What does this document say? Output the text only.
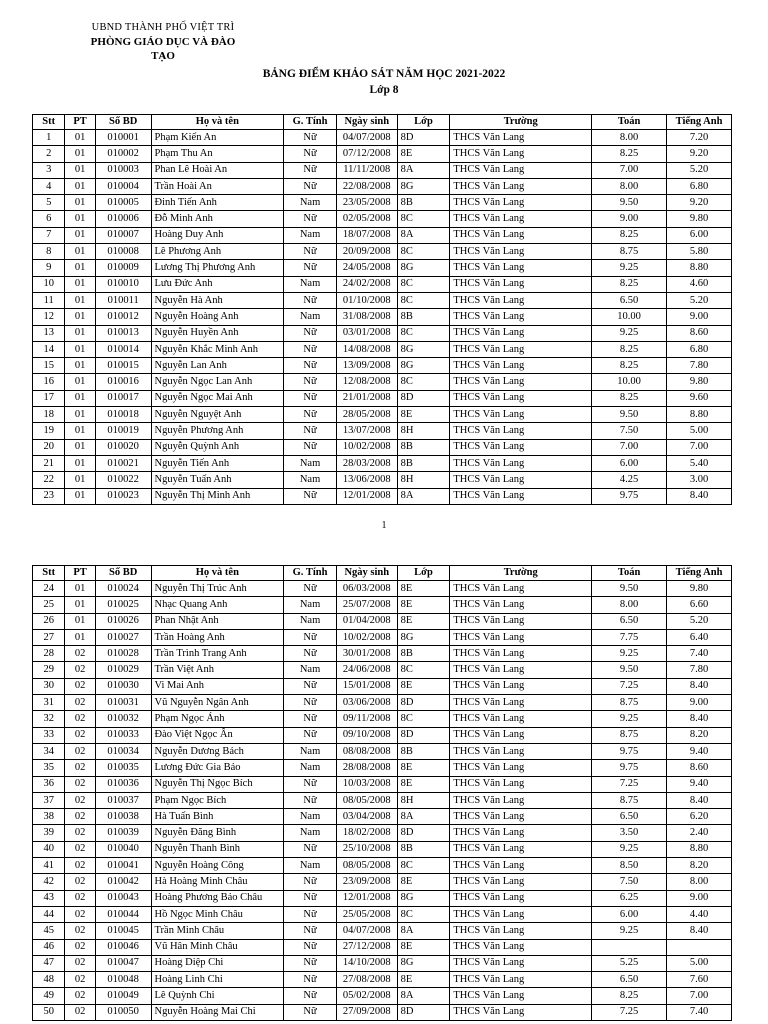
UBND THÀNH PHỐ VIỆT TRÌ
PHÒNG GIÁO DỤC VÀ ĐÀO TẠO
BẢNG ĐIỂM KHẢO SÁT NĂM HỌC 2021-2022
Lớp 8
Stt	PT	Số BD	Họ và tên	G. Tính	Ngày sinh	Lớp	Trường	Toán	Tiếng Anh
1	01	010001	Phạm Kiến An	Nữ	04/07/2008	8D	THCS Văn Lang	8.00	7.20
2	01	010002	Phạm Thu An	Nữ	07/12/2008	8E	THCS Văn Lang	8.25	9.20
3	01	010003	Phan Lê Hoài An	Nữ	11/11/2008	8A	THCS Văn Lang	7.00	5.20
4	01	010004	Trần Hoài An	Nữ	22/08/2008	8G	THCS Văn Lang	8.00	6.80
5	01	010005	Đinh Tiến Anh	Nam	23/05/2008	8B	THCS Văn Lang	9.50	9.20
6	01	010006	Đỗ Minh Anh	Nữ	02/05/2008	8C	THCS Văn Lang	9.00	9.80
7	01	010007	Hoàng Duy Anh	Nam	18/07/2008	8A	THCS Văn Lang	8.25	6.00
8	01	010008	Lê Phương Anh	Nữ	20/09/2008	8C	THCS Văn Lang	8.75	5.80
9	01	010009	Lương Thị Phương Anh	Nữ	24/05/2008	8G	THCS Văn Lang	9.25	8.80
10	01	010010	Lưu Đức Anh	Nam	24/02/2008	8C	THCS Văn Lang	8.25	4.60
11	01	010011	Nguyễn Hà Anh	Nữ	01/10/2008	8C	THCS Văn Lang	6.50	5.20
12	01	010012	Nguyễn Hoàng Anh	Nam	31/08/2008	8B	THCS Văn Lang	10.00	9.00
13	01	010013	Nguyễn Huyền Anh	Nữ	03/01/2008	8C	THCS Văn Lang	9.25	8.60
14	01	010014	Nguyễn Khắc Minh Anh	Nữ	14/08/2008	8G	THCS Văn Lang	8.25	6.80
15	01	010015	Nguyễn Lan Anh	Nữ	13/09/2008	8G	THCS Văn Lang	8.25	7.80
16	01	010016	Nguyễn Ngọc Lan Anh	Nữ	12/08/2008	8C	THCS Văn Lang	10.00	9.80
17	01	010017	Nguyễn Ngọc Mai Anh	Nữ	21/01/2008	8D	THCS Văn Lang	8.25	9.60
18	01	010018	Nguyễn Nguyệt Anh	Nữ	28/05/2008	8E	THCS Văn Lang	9.50	8.80
19	01	010019	Nguyễn Phương Anh	Nữ	13/07/2008	8H	THCS Văn Lang	7.50	5.00
20	01	010020	Nguyễn Quỳnh Anh	Nữ	10/02/2008	8B	THCS Văn Lang	7.00	7.00
21	01	010021	Nguyễn Tiến Anh	Nam	28/03/2008	8B	THCS Văn Lang	6.00	5.40
22	01	010022	Nguyễn Tuấn Anh	Nam	13/06/2008	8H	THCS Văn Lang	4.25	3.00
23	01	010023	Nguyễn Thị Minh Anh	Nữ	12/01/2008	8A	THCS Văn Lang	9.75	8.40
1
Stt	PT	Số BD	Họ và tên	G. Tính	Ngày sinh	Lớp	Trường	Toán	Tiếng Anh
24	01	010024	Nguyễn Thị Trúc Anh	Nữ	06/03/2008	8E	THCS Văn Lang	9.50	9.80
25	01	010025	Nhạc Quang Anh	Nam	25/07/2008	8E	THCS Văn Lang	8.00	6.60
26	01	010026	Phan Nhật Anh	Nam	01/04/2008	8E	THCS Văn Lang	6.50	5.20
27	01	010027	Trần Hoàng Anh	Nữ	10/02/2008	8G	THCS Văn Lang	7.75	6.40
28	02	010028	Trần Trình Trang Anh	Nữ	30/01/2008	8B	THCS Văn Lang	9.25	7.40
29	02	010029	Trần Việt Anh	Nam	24/06/2008	8C	THCS Văn Lang	9.50	7.80
30	02	010030	Vi Mai Anh	Nữ	15/01/2008	8E	THCS Văn Lang	7.25	8.40
31	02	010031	Vũ Nguyễn Ngân Anh	Nữ	03/06/2008	8D	THCS Văn Lang	8.75	9.00
32	02	010032	Phạm Ngọc Ánh	Nữ	09/11/2008	8C	THCS Văn Lang	9.25	8.40
33	02	010033	Đào Việt Ngọc Ân	Nữ	09/10/2008	8D	THCS Văn Lang	8.75	8.20
34	02	010034	Nguyễn Dương Bách	Nam	08/08/2008	8B	THCS Văn Lang	9.75	9.40
35	02	010035	Lương Đức Gia Bảo	Nam	28/08/2008	8E	THCS Văn Lang	9.75	8.60
36	02	010036	Nguyễn Thị Ngọc Bích	Nữ	10/03/2008	8E	THCS Văn Lang	7.25	9.40
37	02	010037	Phạm Ngọc Bích	Nữ	08/05/2008	8H	THCS Văn Lang	8.75	8.40
38	02	010038	Hà Tuấn Bình	Nam	03/04/2008	8A	THCS Văn Lang	6.50	6.20
39	02	010039	Nguyễn Đăng Bình	Nam	18/02/2008	8D	THCS Văn Lang	3.50	2.40
40	02	010040	Nguyễn Thanh Bình	Nữ	25/10/2008	8B	THCS Văn Lang	9.25	8.80
41	02	010041	Nguyễn Hoàng Công	Nam	08/05/2008	8C	THCS Văn Lang	8.50	8.20
42	02	010042	Hà Hoàng Minh Châu	Nữ	23/09/2008	8E	THCS Văn Lang	7.50	8.00
43	02	010043	Hoàng Phương Bảo Châu	Nữ	12/01/2008	8G	THCS Văn Lang	6.25	9.00
44	02	010044	Hồ Ngọc Minh Châu	Nữ	25/05/2008	8C	THCS Văn Lang	6.00	4.40
45	02	010045	Trần Minh Châu	Nữ	04/07/2008	8A	THCS Văn Lang	9.25	8.40
46	02	010046	Vũ Hân Minh Châu	Nữ	27/12/2008	8E	THCS Văn Lang		
47	02	010047	Hoàng Diệp Chi	Nữ	14/10/2008	8G	THCS Văn Lang	5.25	5.00
48	02	010048	Hoàng Linh Chi	Nữ	27/08/2008	8E	THCS Văn Lang	6.50	7.60
49	02	010049	Lê Quỳnh Chi	Nữ	05/02/2008	8A	THCS Văn Lang	8.25	7.00
50	02	010050	Nguyễn Hoàng Mai Chi	Nữ	27/09/2008	8D	THCS Văn Lang	7.25	7.40
